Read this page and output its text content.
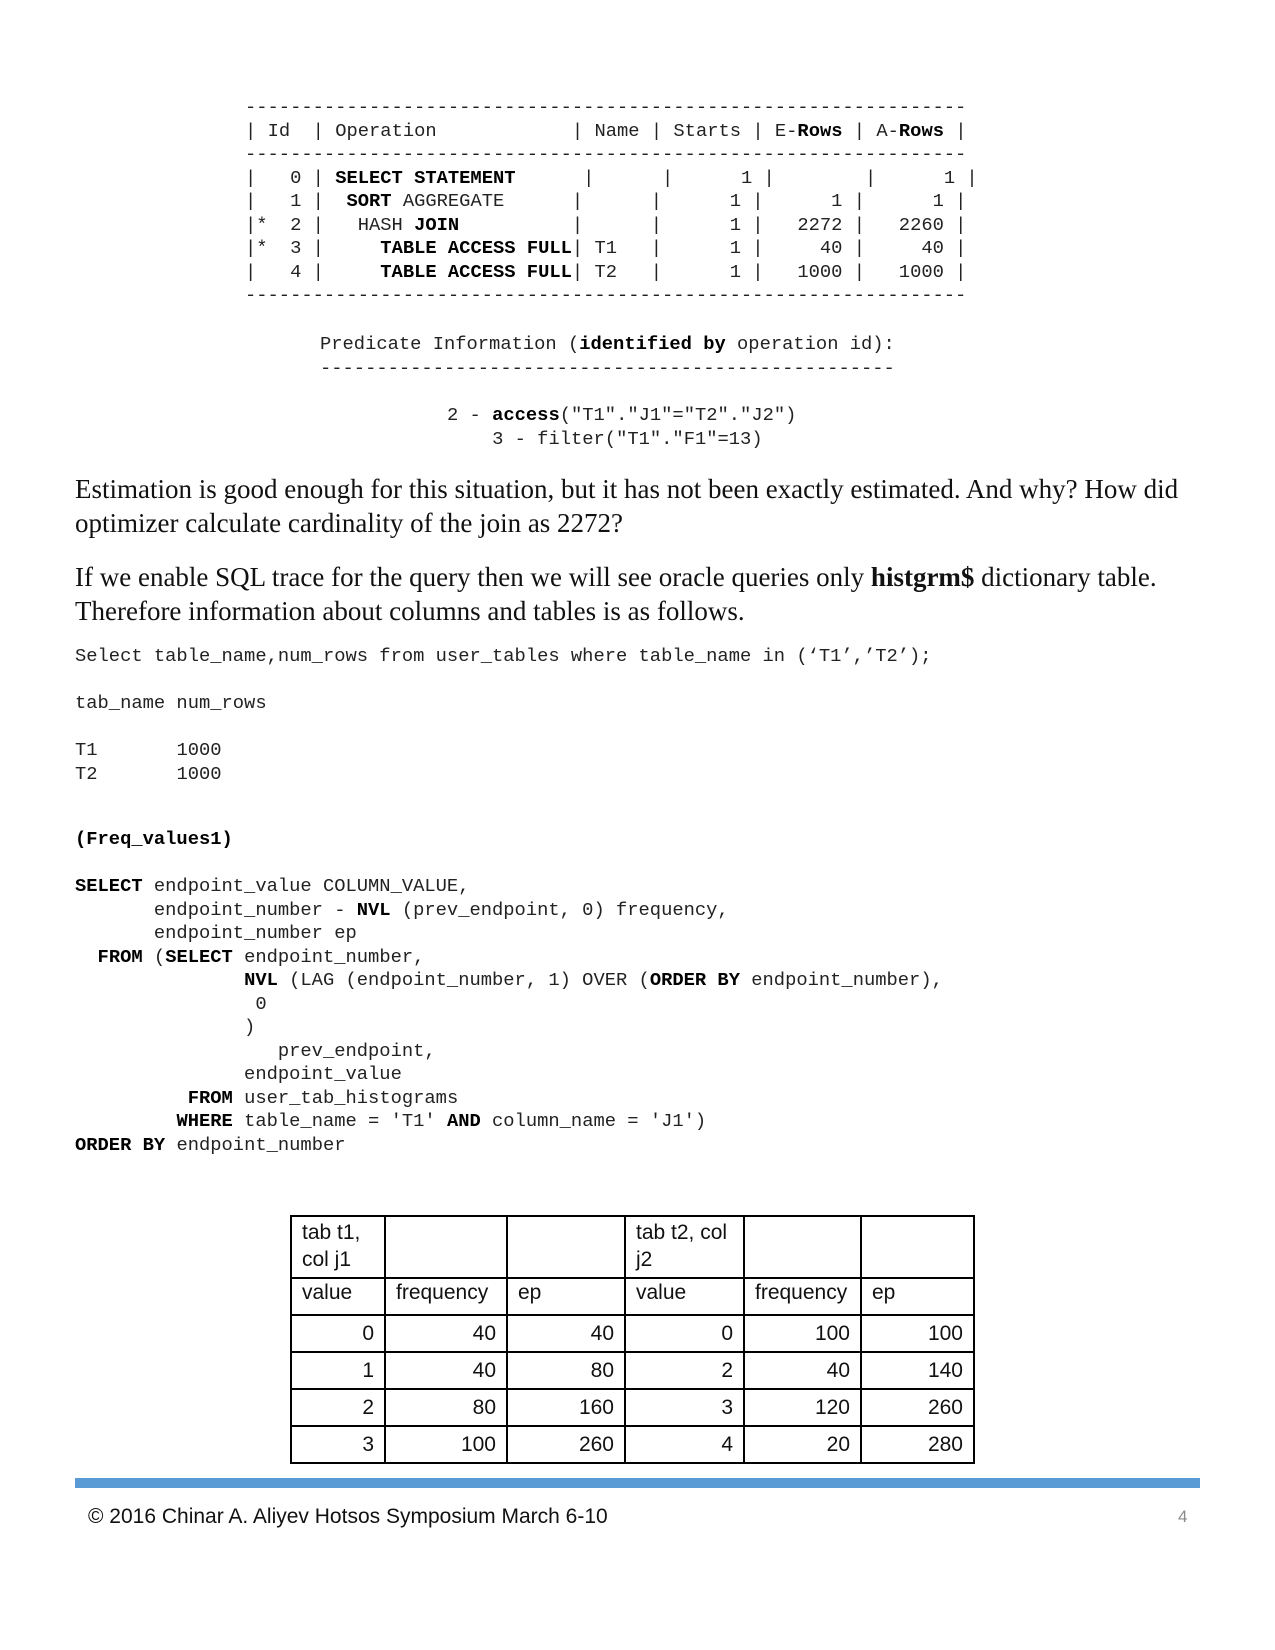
----------------------------------------------------------------
| Id | Operation	| Name | Starts | E-Rows | A-Rows |
----------------------------------------------------------------
|   0 | SELECT STATEMENT      |      |      1 |        |      1 |
|   1 |  SORT AGGREGATE      |      |      1 |      1 |      1 |
|* 2 |   HASH JOIN          |      |      1 |   2272 |   2260 |
|* 3 |     TABLE ACCESS FULL| T1   |      1 |     40 |     40 |
|   4 |     TABLE ACCESS FULL| T2   |      1 |   1000 |   1000 |
----------------------------------------------------------------
Predicate Information (identified by operation id):
---------------------------------------------------
2 - access("T1"."J1"="T2"."J2")
3 - filter("T1"."F1"=13)
Estimation is good enough for this situation, but it has not been exactly estimated. And why? How did optimizer calculate cardinality of the join as 2272?
If we enable SQL trace for the query then we will see oracle queries only histgrm$ dictionary table. Therefore information about columns and tables is as follows.
Select table_name,num_rows from user_tables where table_name in (‘T1’,’T2’);
tab_name num_rows

T1	1000
T2	1000
(Freq_values1)

SELECT endpoint_value COLUMN_VALUE,
endpoint_number - NVL (prev_endpoint, 0) frequency,
endpoint_number ep
FROM (SELECT endpoint_number,
NVL (LAG (endpoint_number, 1) OVER (ORDER BY endpoint_number),
0
)
prev_endpoint,
endpoint_value
FROM user_tab_histograms
WHERE table_name = 'T1' AND column_name = 'J1')
ORDER BY endpoint_number
tab t1, col j1			tab t2, col j2		
value	frequency	ep	value	frequency	ep
0	40	40	0	100	100
1	40	80	2	40	140
2	80	160	3	120	260
3	100	260	4	20	280
© 2016 Chinar A. Aliyev Hotsos Symposium March 6-10	4
